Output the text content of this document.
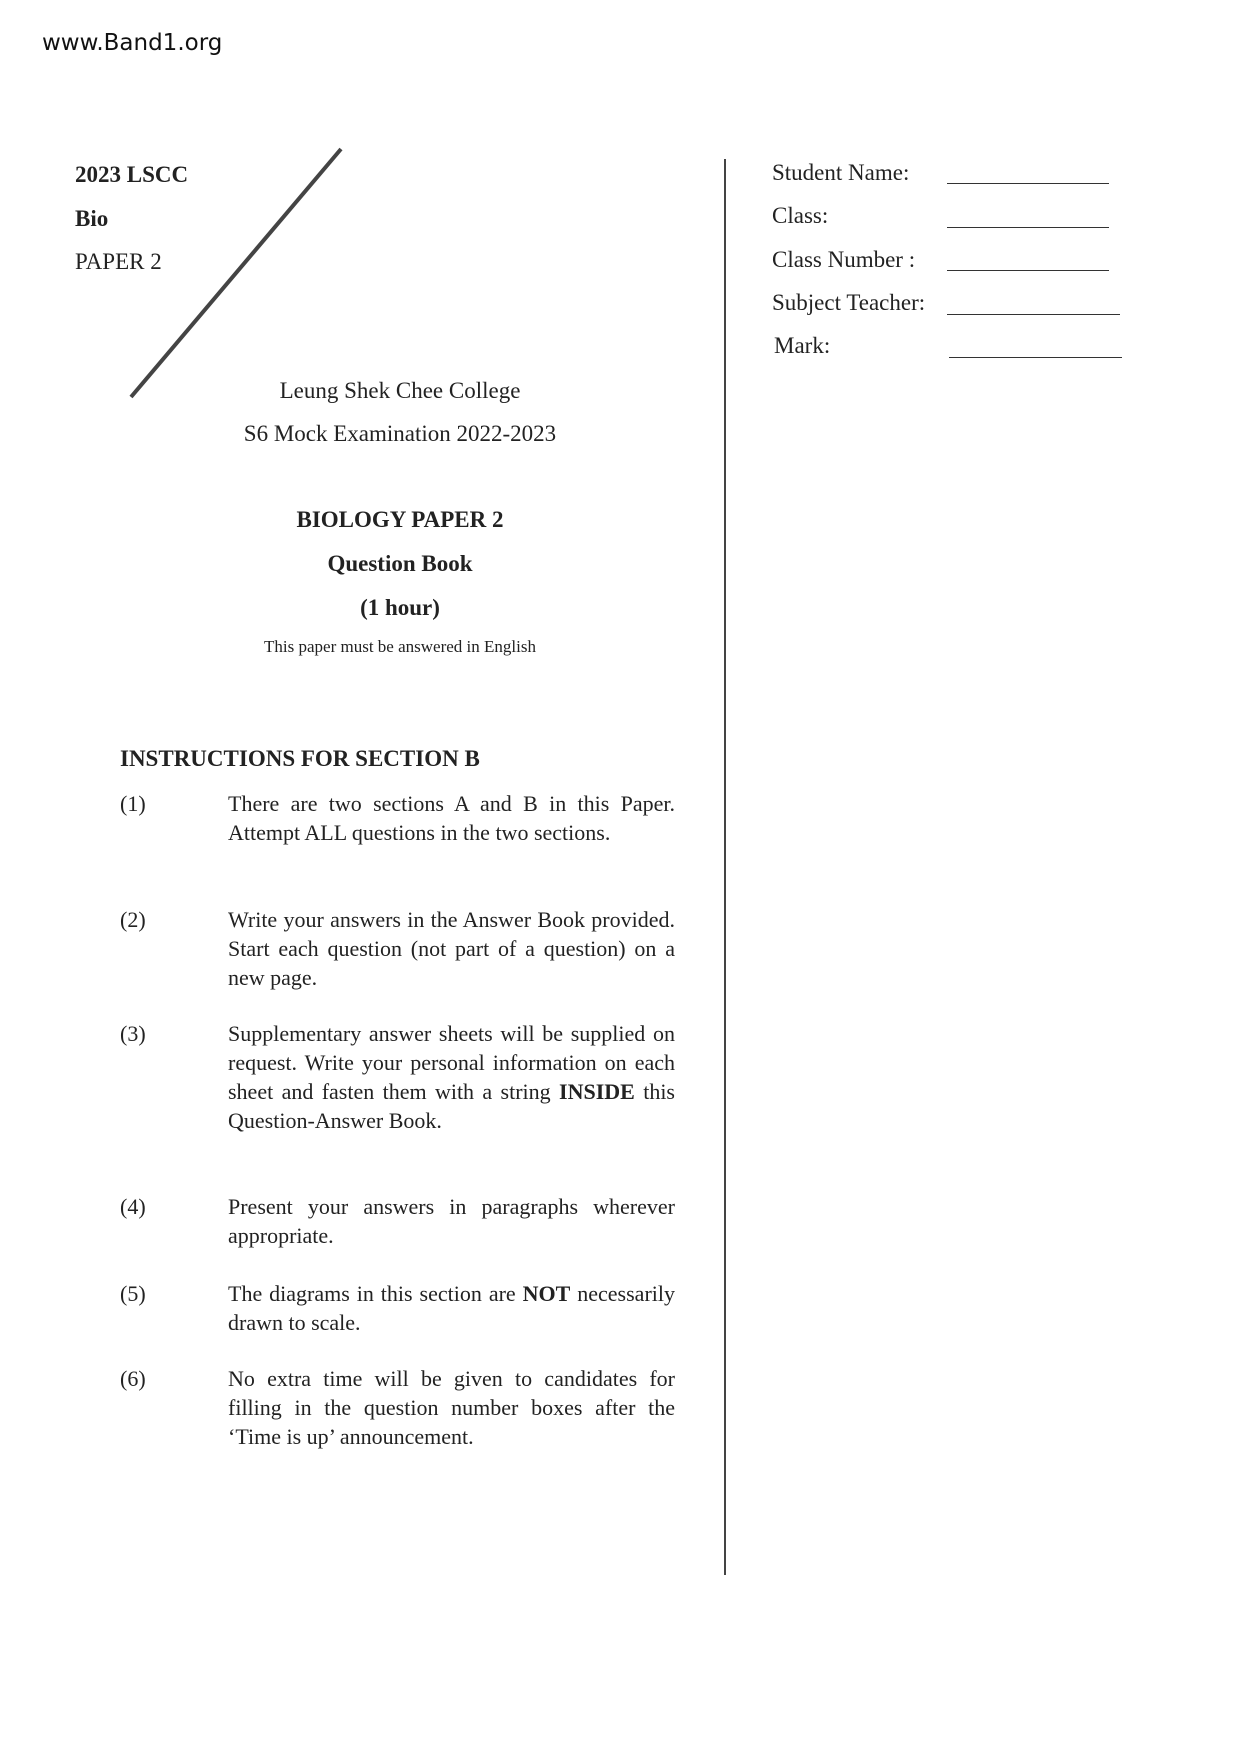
www.Band1.org
2023 LSCC
Bio
PAPER 2
Leung Shek Chee College
S6 Mock Examination 2022-2023
BIOLOGY PAPER 2
Question Book
(1 hour)
This paper must be answered in English
Student Name:
Class:
Class Number :
Subject Teacher:
Mark:
INSTRUCTIONS FOR SECTION B
(1)	There are two sections A and B in this Paper. Attempt ALL questions in the two sections.
(2)	Write your answers in the Answer Book provided. Start each question (not part of a question) on a new page.
(3)	Supplementary answer sheets will be supplied on request. Write your personal information on each sheet and fasten them with a string INSIDE this Question-Answer Book.
(4)	Present your answers in paragraphs wherever appropriate.
(5)	The diagrams in this section are NOT necessarily drawn to scale.
(6)	No extra time will be given to candidates for filling in the question number boxes after the ‘Time is up’ announcement.
